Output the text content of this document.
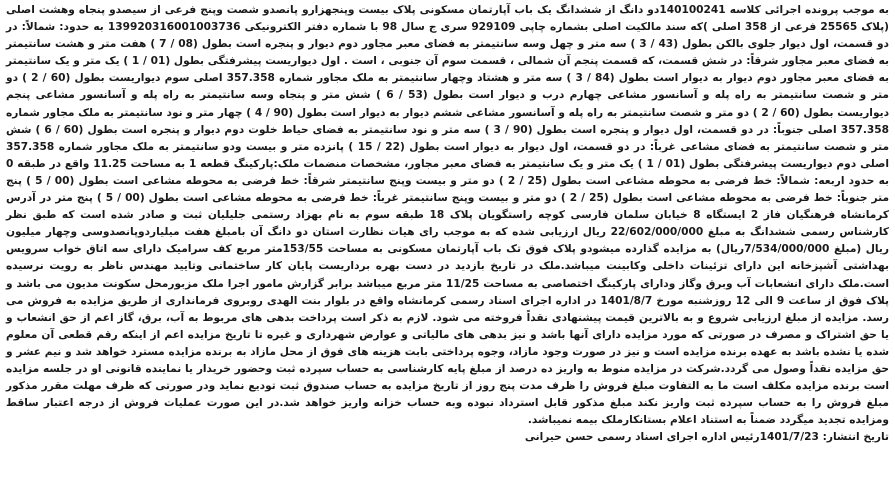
به موجب پرونده اجرائی کلاسه 140100241دو دانگ از ششدانگ یک باب آپارتمان مسکونی پلاک بیست وپنجهزارو پانصدو شصت وپنج فرعی از سیصدو پنجاه وهشت اصلی (پلاک 25565 فرعی از 358 اصلی )که سند مالکیت اصلی بشماره چاپی 929109 سری ج سال 98 با شماره دفتر الکترونیکی 139920316001003736 به حدود: شمالاً: در دو قسمت، اول دیوار جلوی بالکن بطول (43 / 3 ) سه متر و چهل وسه سانتیمتر به فضای معبر مجاور دوم دیوار و پنجره است بطول (08 / 7 ) هفت متر و هشت سانتیمتر به فضای معبر مجاور شرقاً: در شش قسمت، که قسمت پنجم آن شمالی ، قسمت سوم آن جنوبی ، است . اول دیواریست پیشرفتگی بطول (01 / 1 ) یک متر و یک سانتیمتر به فضای معبر مجاور دوم دیوار به دیوار است بطول (84 / 3 ) سه متر و هشتاد وچهار سانتیمتر به ملک مجاور شماره 357.358 اصلی سوم دیواریست بطول (60 / 2 ) دو متر و شصت سانتیمتر به راه پله و آسانسور مشاعی چهارم درب و دیوار است بطول (53 / 6 ) شش متر و پنجاه وسه سانتیمتر به راه پله و آسانسور مشاعی پنجم دیواریست بطول (60 / 2 ) دو متر و شصت سانتیمتر به راه پله و آسانسور مشاعی ششم دیوار به دیوار است بطول (90 / 4 ) چهار متر و نود سانتیمتر به ملک مجاور شماره 357.358 اصلی جنوباً: در دو قسمت، اول دیوار و پنجره است بطول (90 / 3 ) سه متر و نود سانتیمتر به فضای حیاط خلوت دوم دیوار و پنجره است بطول (60 / 6 ) شش متر و شصت سانتیمتر به فضای مشاعی غرباً: در دو قسمت، اول دیوار به دیوار است بطول (22 / 15 ) پانزده متر و بیست ودو سانتیمتر به ملک مجاور شماره 357.358 اصلی دوم دیواریست پیشرفتگی بطول (01 / 1 ) یک متر و یک سانتیمتر به فضای معبر مجاور، مشخصات منضمات ملک:پارکینگ قطعه 1 به مساحت 11.25 واقع در طبقه 0 به حدود اربعه: شمالاً: خط فرضی به محوطه مشاعی است بطول (25 / 2 ) دو متر و بیست وپنج سانتیمتر شرقاً: خط فرضی به محوطه مشاعی است بطول (00 / 5 ) پنج متر جنوباً: خط فرضی به محوطه مشاعی است بطول (25 / 2 ) دو متر و بیست وپنج سانتیمتر غرباً: خط فرضی به محوطه مشاعی است بطول (00 / 5 ) پنج متر در آدرس کرمانشاه فرهنگیان فاز 2 ایستگاه 8 خیابان سلمان فارسی کوچه راستگویان پلاک 18 طبقه سوم به نام بهزاد رستمی جلیلیان ثبت و صادر شده است که طبق نظر کارشناس رسمی ششدانگ به مبلغ 22/602/000/000 ریال ارزیابی شده که به موجب رای هیات نظارت استان دو دانگ آن بامبلغ هفت میلیاردوپانصدوسی وچهار میلیون ریال (مبلغ 7/534/000/000ریال) به مزایده گذارده میشودو پلاک فوق تک باب آپارتمان مسکونی به مساحت 153/55متر مربع کف سرامیک دارای سه اتاق خواب سرویس بهداشتی آشپزخانه این دارای تزئینات داخلی وکابینت میباشد.ملک در تاریخ بازدید در دست بهره برداریست پایان کار ساختمانی وتایید مهندس ناظر به رویت نرسیده است.ملک دارای انشعابات آب وبرق وگاز ودارای پارکینگ اختصاصی به مساحت 11/25 متر مربع میباشد برابر گزارش مامور اجرا ملک مزبورمحل سکونت مدیون می باشد و پلاک فوق از ساعت 9 الی 12 روزشنبه مورخ 1401/8/7 در اداره اجرای اسناد رسمی کرمانشاه واقع در بلوار بنت الهدی روبروی فرمانداری از طریق مزایده به فروش می رسد. مزایده از مبلغ ارزیابی شروع و به بالاترین قیمت پیشنهادی نقداً فروخته می شود. لازم به ذکر است پرداخت بدهی های مربوط به آب، برق، گاز اعم از حق انشعاب و یا حق اشتراک و مصرف در صورتی که مورد مزایده دارای آنها باشد و نیز بدهی های مالیاتی و عوارض شهرداری و غیره تا تاریخ مزایده اعم از اینکه رقم قطعی آن معلوم شده یا نشده باشد به عهده برنده مزایده است و نیز در صورت وجود مازاد، وجوه پرداختی بابت هزینه های فوق از محل مازاد به برنده مزایده مسترد خواهد شد و نیم عشر و حق مزایده نقداً وصول می گردد.شرکت در مزایده منوط به واریز ده درصد از مبلغ پایه کارشناسی به حساب سپرده ثبت وحضور خریدار یا نماینده قانونی او در جلسه مزایده است برنده مزایده مکلف است ما به التفاوت مبلغ فروش را ظرف مدت پنج روز از تاریخ مزایده به حساب صندوق ثبت تودیع نماید ودر صورتی که ظرف مهلت مقرر مذکور مبلغ فروش را به حساب سپرده ثبت واریز نکند مبلغ مذکور قابل استرداد نبوده وبه حساب خزانه واریز خواهد شد.در این صورت عملیات فروش از درجه اعتبار ساقط ومزایده تجدید میگردد ضمناً به استناد اعلام بستانکارملک بیمه نمیباشد.

تاریخ انتشار: 1401/7/23رئیس اداره اجرای اسناد رسمی حسن حیرانی
